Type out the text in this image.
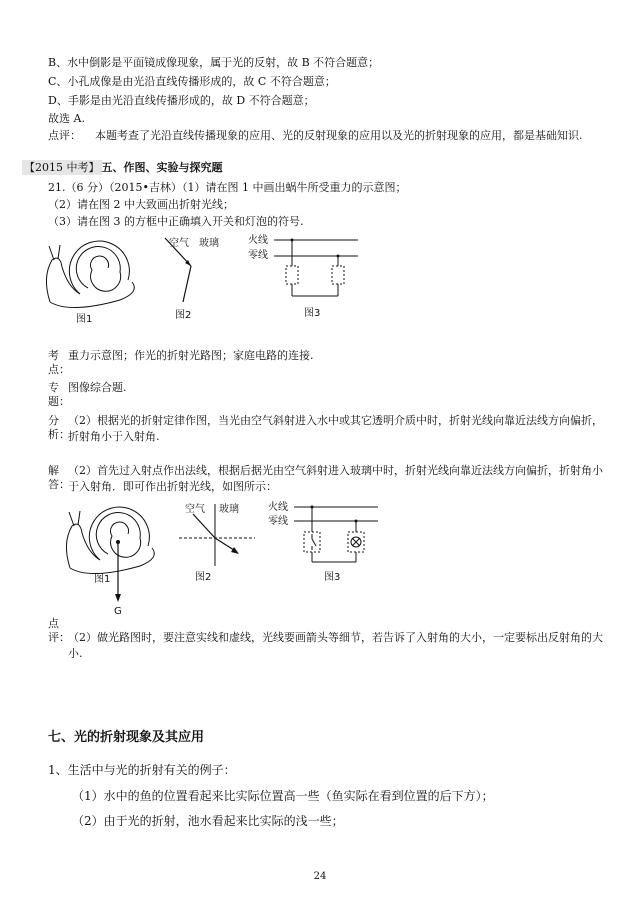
B、水中倒影是平面镜成像现象，属于光的反射，故 B 不符合题意；
C、小孔成像是由光沿直线传播形成的，故 C 不符合题意；
D、手影是由光沿直线传播形成的，故 D 不符合题意；
故选 A.
点评： 本题考查了光沿直线传播现象的应用、光的反射现象的应用以及光的折射现象的应用，都是基础知识.
【2015 中考】 五、作图、实验与探究题
21.（6 分）（2015•吉林）（1）请在图 1 中画出蜗牛所受重力的示意图；
（2）请在图 2 中大致画出折射光线；
（3）请在图 3 的方框中正确填入开关和灯泡的符号.
图1
空气 玻璃
图2
火线
零线
图3
考
点：
重力示意图；作光的折射光路图；家庭电路的连接.
专
题：
图像综合题.
分
析：
（2）根据光的折射定律作图，当光由空气斜射进入水中或其它透明介质中时，折射光线向靠近法线方向偏折，折射角小于入射角.
解
答：
（2）首先过入射点作出法线，根据后据光由空气斜射进入玻璃中时，折射光线向靠近法线方向偏折，折射角小于入射角．即可作出折射光线，如图所示：
图1
G
空气 玻璃
图2
火线
零线
图3
点
评：
（2）做光路图时，要注意实线和虚线，光线要画箭头等细节，若告诉了入射角的大小，一定要标出反射角的大小.
七、光的折射现象及其应用
1、生活中与光的折射有关的例子：
（1）水中的鱼的位置看起来比实际位置高一些（鱼实际在看到位置的后下方）；
（2）由于光的折射，池水看起来比实际的浅一些；
24
